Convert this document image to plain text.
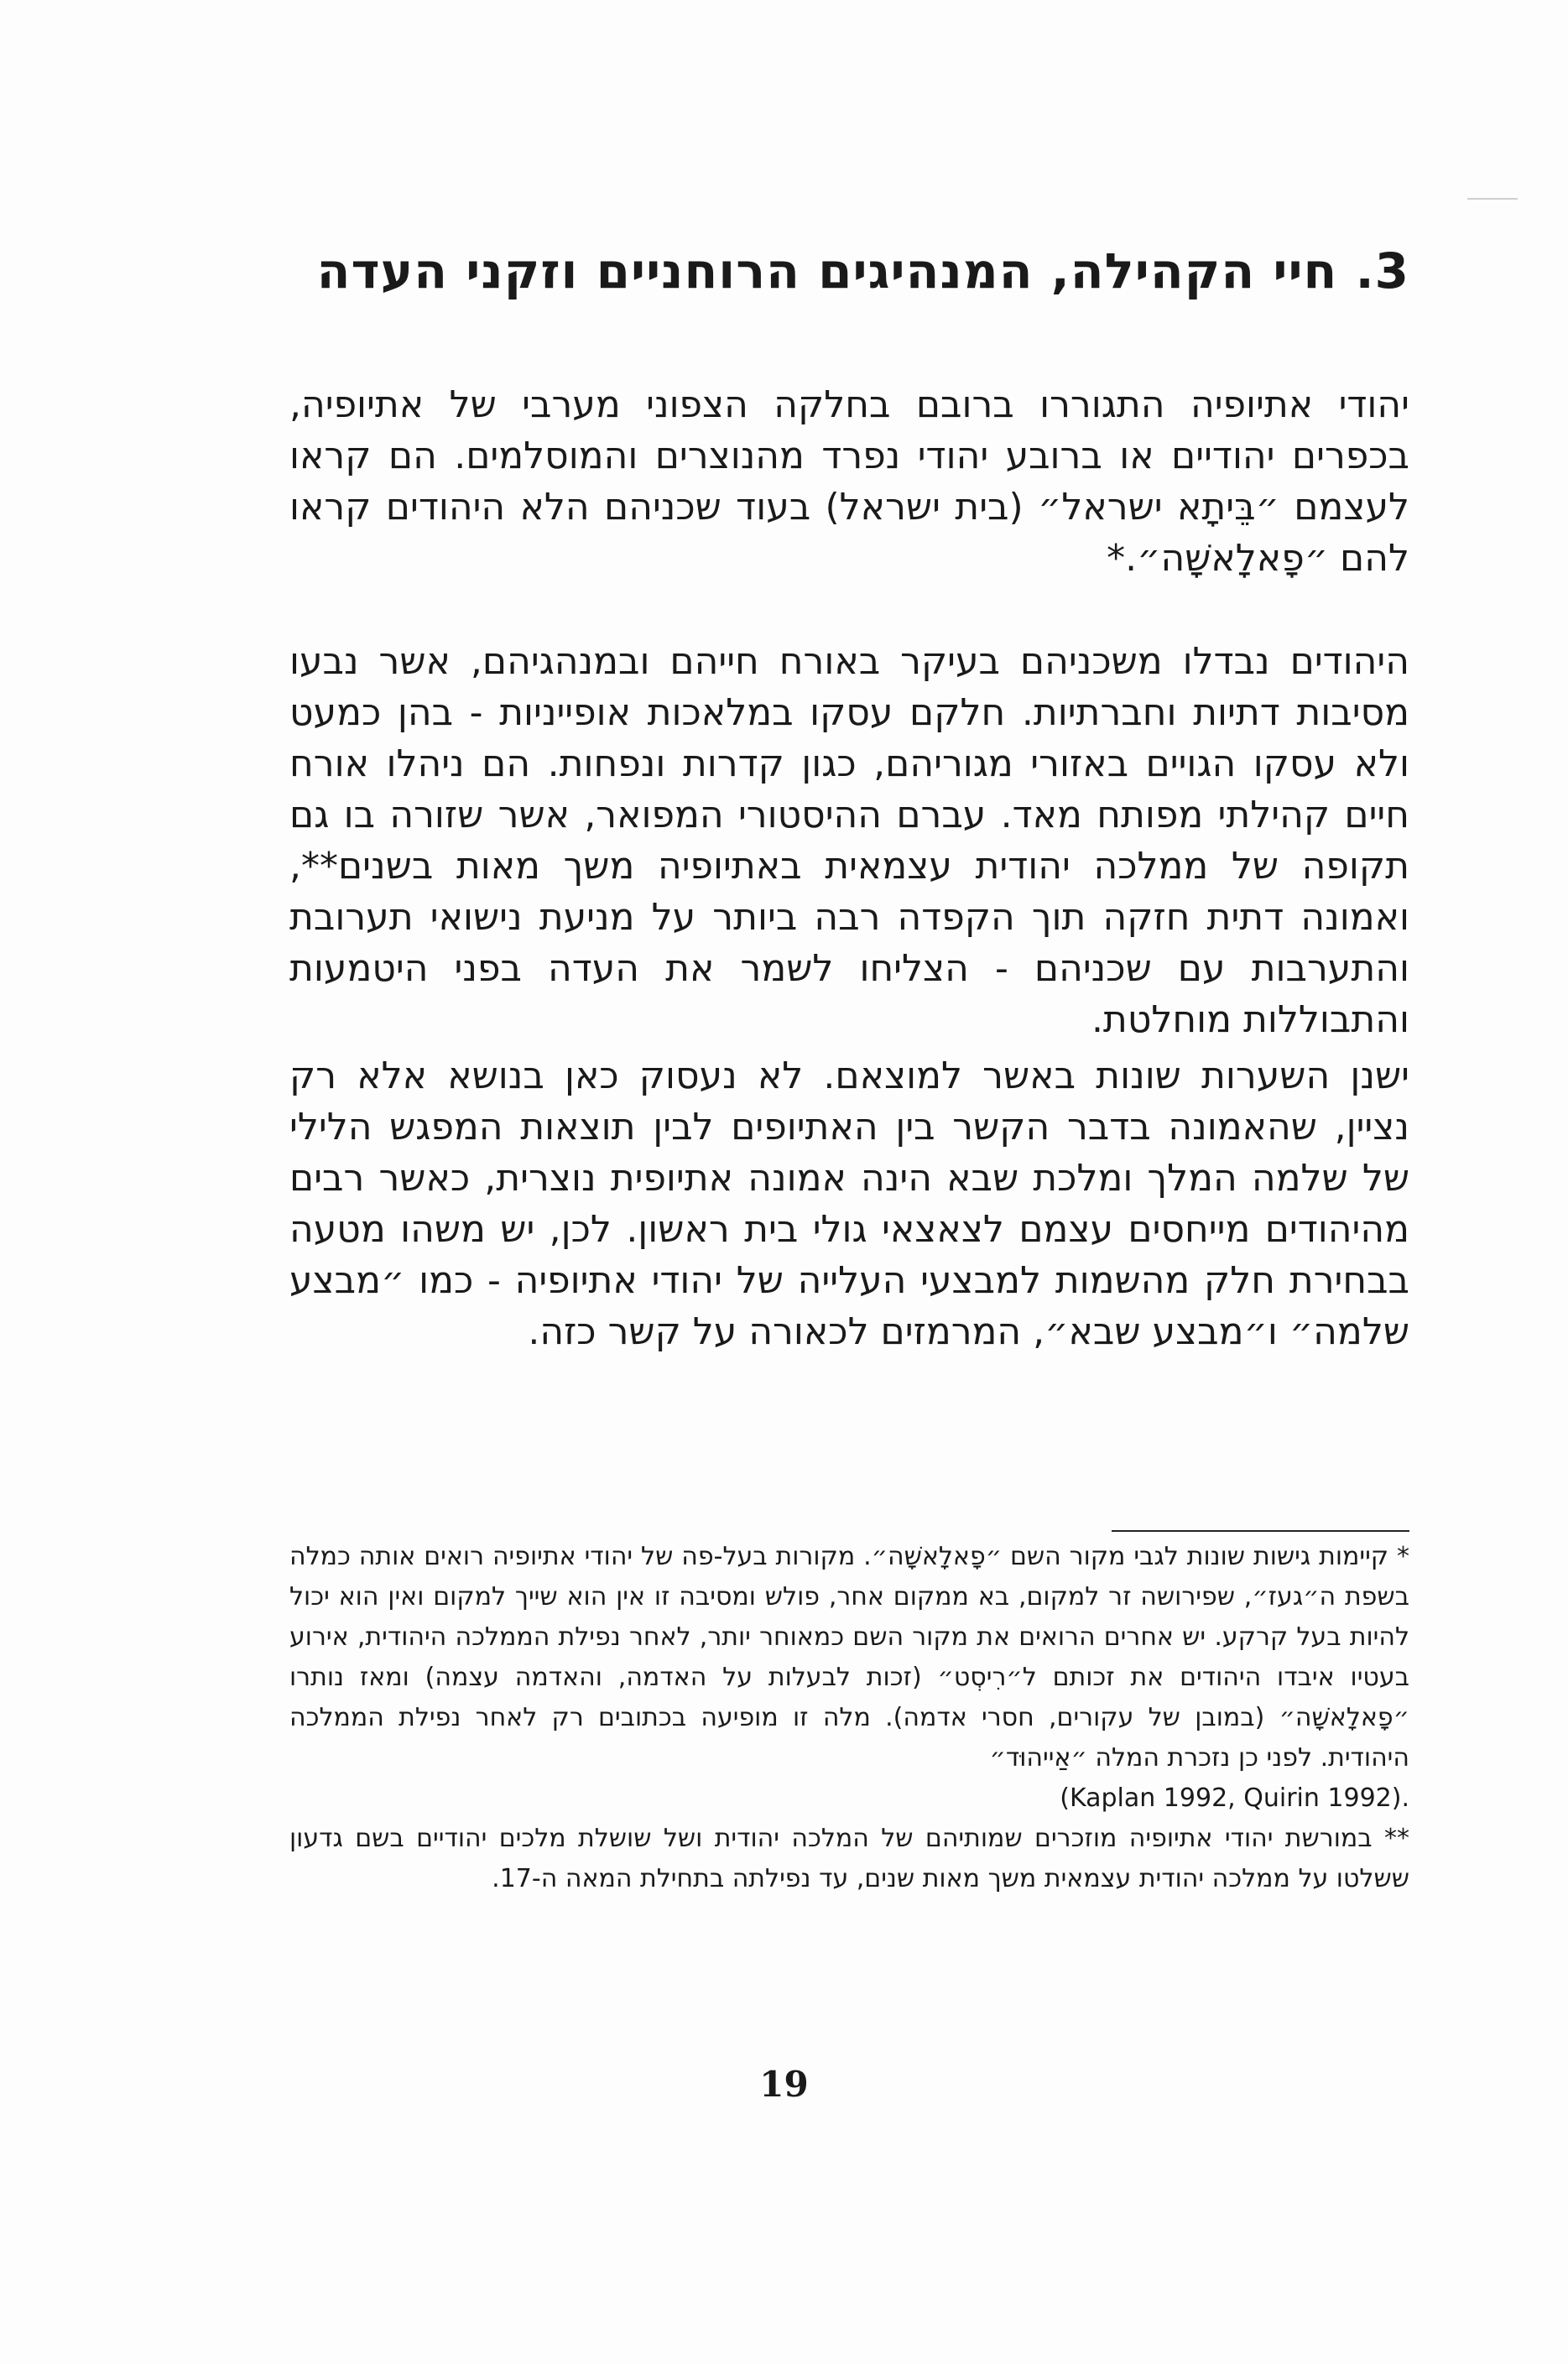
3. חיי הקהילה, המנהיגים הרוחניים וזקני העדה

יהודי אתיופיה התגוררו ברובם בחלקה הצפוני מערבי של אתיופיה, בכפרים יהודיים או ברובע יהודי נפרד מהנוצרים והמוסלמים. הם קראו לעצמם ״בֵּיתָא ישראל״ (בית ישראל) בעוד שכניהם הלא היהודים קראו להם ״פָאלָאשָׁה״.*

היהודים נבדלו משכניהם בעיקר באורח חייהם ובמנהגיהם, אשר נבעו מסיבות דתיות וחברתיות. חלקם עסקו במלאכות אופייניות - בהן כמעט ולא עסקו הגויים באזורי מגוריהם, כגון קדרות ונפחות. הם ניהלו אורח חיים קהילתי מפותח מאד. עברם ההיסטורי המפואר, אשר שזורה בו גם תקופה של ממלכה יהודית עצמאית באתיופיה משך מאות בשנים**, ואמונה דתית חזקה תוך הקפדה רבה ביותר על מניעת נישואי תערובת והתערבות עם שכניהם - הצליחו לשמר את העדה בפני היטמעות והתבוללות מוחלטת.

ישנן השערות שונות באשר למוצאם. לא נעסוק כאן בנושא אלא רק נציין, שהאמונה בדבר הקשר בין האתיופים לבין תוצאות המפגש הלילי של שלמה המלך ומלכת שבא הינה אמונה אתיופית נוצרית, כאשר רבים מהיהודים מייחסים עצמם לצאצאי גולי בית ראשון. לכן, יש משהו מטעה בבחירת חלק מהשמות למבצעי העלייה של יהודי אתיופיה - כמו ״מבצע שלמה״ ו״מבצע שבא״, המרמזים לכאורה על קשר כזה.

* קיימות גישות שונות לגבי מקור השם ״פָאלָאשָׁה״. מקורות בעל-פה של יהודי אתיופיה רואים אותה כמלה בשפת ה״געז״, שפירושה זר למקום, בא ממקום אחר, פולש ומסיבה זו אין הוא שייך למקום ואין הוא יכול להיות בעל קרקע. יש אחרים הרואים את מקור השם כמאוחר יותר, לאחר נפילת הממלכה היהודית, אירוע בעטיו איבדו היהודים את זכותם ל״רִיסְט״ (זכות לבעלות על האדמה, והאדמה עצמה) ומאז נותרו ״פָאלָאשָׁה״ (במובן של עקורים, חסרי אדמה). מלה זו מופיעה בכתובים רק לאחר נפילת הממלכה היהודית. לפני כן נזכרת המלה ״אַייהוּד״
(Kaplan 1992, Quirin 1992).

** במורשת יהודי אתיופיה מוזכרים שמותיהם של המלכה יהודית ושל שושלת מלכים יהודיים בשם גדעון ששלטו על ממלכה יהודית עצמאית משך מאות שנים, עד נפילתה בתחילת המאה ה-17.

19
